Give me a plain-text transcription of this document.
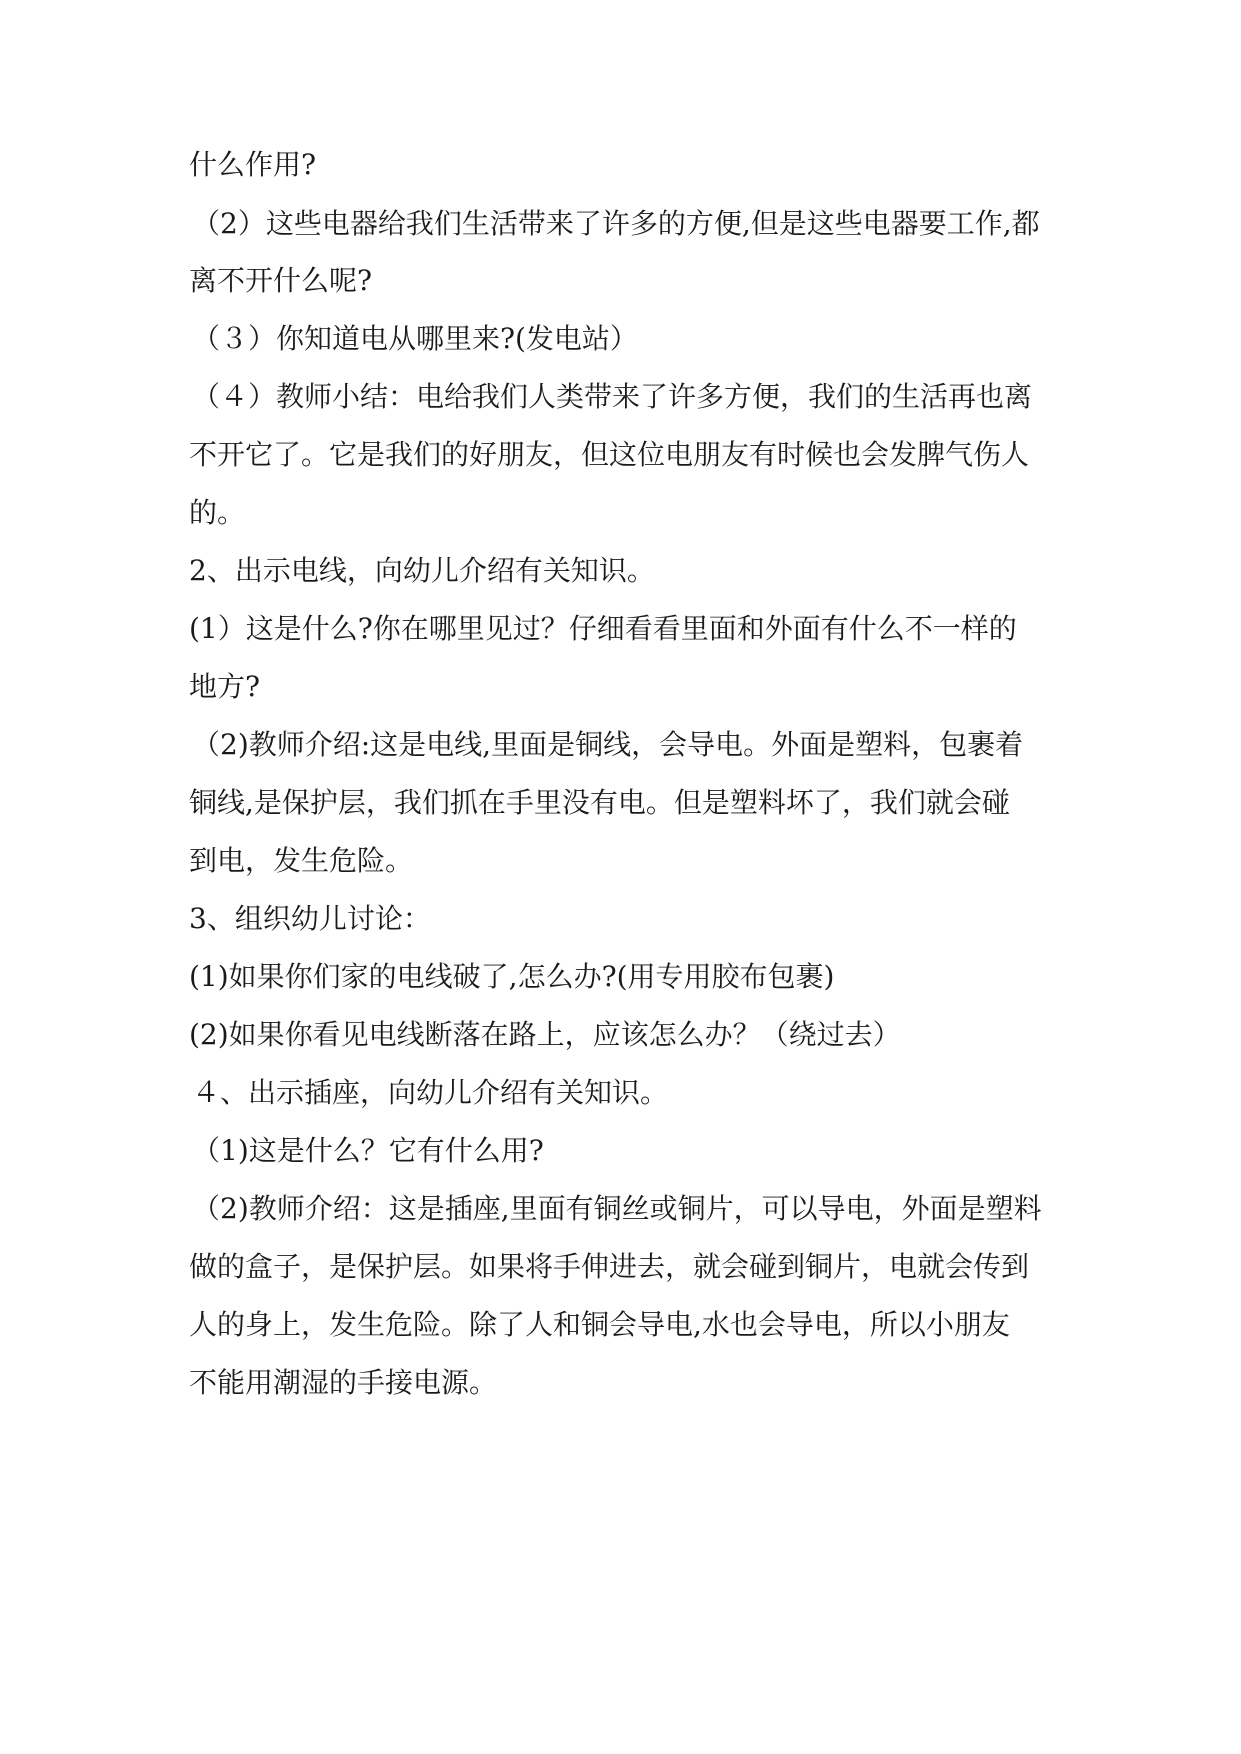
什么作用?
（2）这些电器给我们生活带来了许多的方便,但是这些电器要工作,都
离不开什么呢?
（３）你知道电从哪里来?(发电站）
（４）教师小结：电给我们人类带来了许多方便，我们的生活再也离
不开它了。它是我们的好朋友，但这位电朋友有时候也会发脾气伤人
的。
2、出示电线，向幼儿介绍有关知识。
(1）这是什么?你在哪里见过？仔细看看里面和外面有什么不一样的
地方?
（2)教师介绍:这是电线,里面是铜线，会导电。外面是塑料，包裹着
铜线,是保护层，我们抓在手里没有电。但是塑料坏了，我们就会碰
到电，发生危险。
3、组织幼儿讨论：
(1)如果你们家的电线破了,怎么办?(用专用胶布包裹)
(2)如果你看见电线断落在路上，应该怎么办？（绕过去）
４、出示插座，向幼儿介绍有关知识。
（1)这是什么？它有什么用?
（2)教师介绍：这是插座,里面有铜丝或铜片，可以导电，外面是塑料
做的盒子，是保护层。如果将手伸进去，就会碰到铜片，电就会传到
人的身上，发生危险。除了人和铜会导电,水也会导电，所以小朋友
不能用潮湿的手接电源。
